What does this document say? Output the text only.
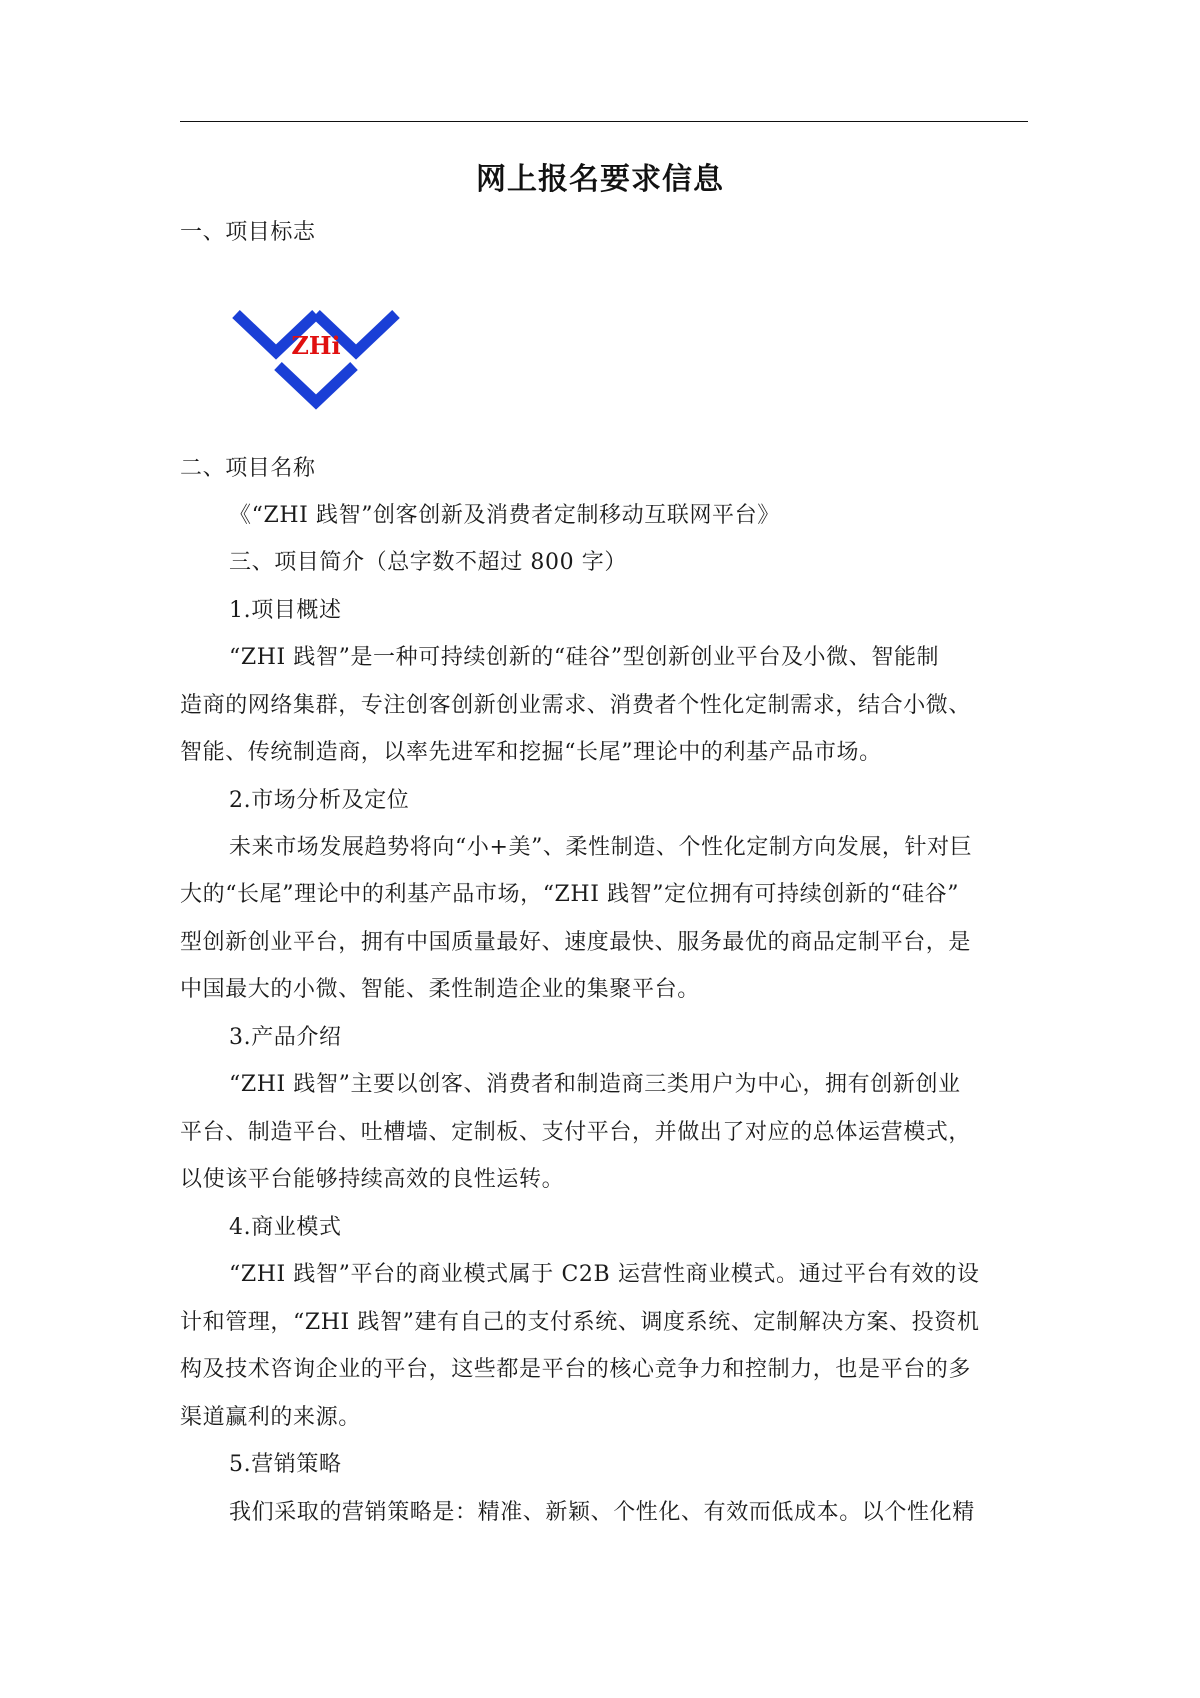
网上报名要求信息
一、项目标志
ZHi
二、项目名称
《“ZHI 践智”创客创新及消费者定制移动互联网平台》
三、项目简介（总字数不超过 800 字）
1.项目概述
“ZHI 践智”是一种可持续创新的“硅谷”型创新创业平台及小微、智能制
造商的网络集群，专注创客创新创业需求、消费者个性化定制需求，结合小微、
智能、传统制造商，以率先进军和挖掘“长尾”理论中的利基产品市场。
2.市场分析及定位
未来市场发展趋势将向“小+美”、柔性制造、个性化定制方向发展，针对巨
大的“长尾”理论中的利基产品市场，“ZHI 践智”定位拥有可持续创新的“硅谷”
型创新创业平台，拥有中国质量最好、速度最快、服务最优的商品定制平台，是
中国最大的小微、智能、柔性制造企业的集聚平台。
3.产品介绍
“ZHI 践智”主要以创客、消费者和制造商三类用户为中心，拥有创新创业
平台、制造平台、吐槽墙、定制板、支付平台，并做出了对应的总体运营模式，
以使该平台能够持续高效的良性运转。
4.商业模式
“ZHI 践智”平台的商业模式属于 C2B 运营性商业模式。通过平台有效的设
计和管理，“ZHI 践智”建有自己的支付系统、调度系统、定制解决方案、投资机
构及技术咨询企业的平台，这些都是平台的核心竞争力和控制力，也是平台的多
渠道赢利的来源。
5.营销策略
我们采取的营销策略是：精准、新颖、个性化、有效而低成本。以个性化精
